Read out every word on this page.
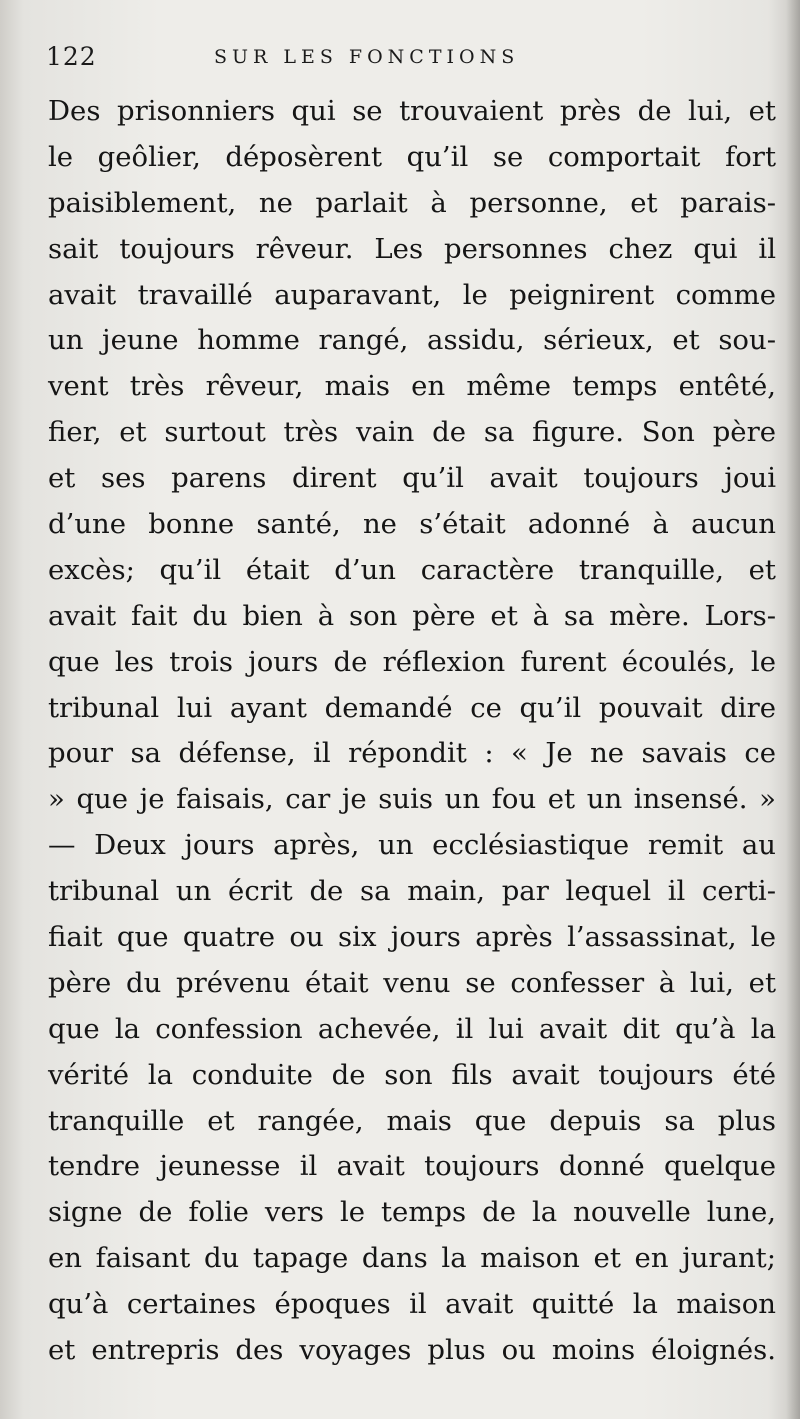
122	SUR LES FONCTIONS
Des prisonniers qui se trouvaient près de lui, et
le geôlier, déposèrent qu’il se comportait fort
paisiblement, ne parlait à personne, et parais-
sait toujours rêveur. Les personnes chez qui il
avait travaillé auparavant, le peignirent comme
un jeune homme rangé, assidu, sérieux, et sou-
vent très rêveur, mais en même temps entêté,
fier, et surtout très vain de sa figure. Son père
et ses parens dirent qu’il avait toujours joui
d’une bonne santé, ne s’était adonné à aucun
excès; qu’il était d’un caractère tranquille, et
avait fait du bien à son père et à sa mère. Lors-
que les trois jours de réflexion furent écoulés, le
tribunal lui ayant demandé ce qu’il pouvait dire
pour sa défense, il répondit : « Je ne savais ce
» que je faisais, car je suis un fou et un insensé. »
— Deux jours après, un ecclésiastique remit au
tribunal un écrit de sa main, par lequel il certi-
fiait que quatre ou six jours après l’assassinat, le
père du prévenu était venu se confesser à lui, et
que la confession achevée, il lui avait dit qu’à la
vérité la conduite de son fils avait toujours été
tranquille et rangée, mais que depuis sa plus
tendre jeunesse il avait toujours donné quelque
signe de folie vers le temps de la nouvelle lune,
en faisant du tapage dans la maison et en jurant;
qu’à certaines époques il avait quitté la maison
et entrepris des voyages plus ou moins éloignés.
